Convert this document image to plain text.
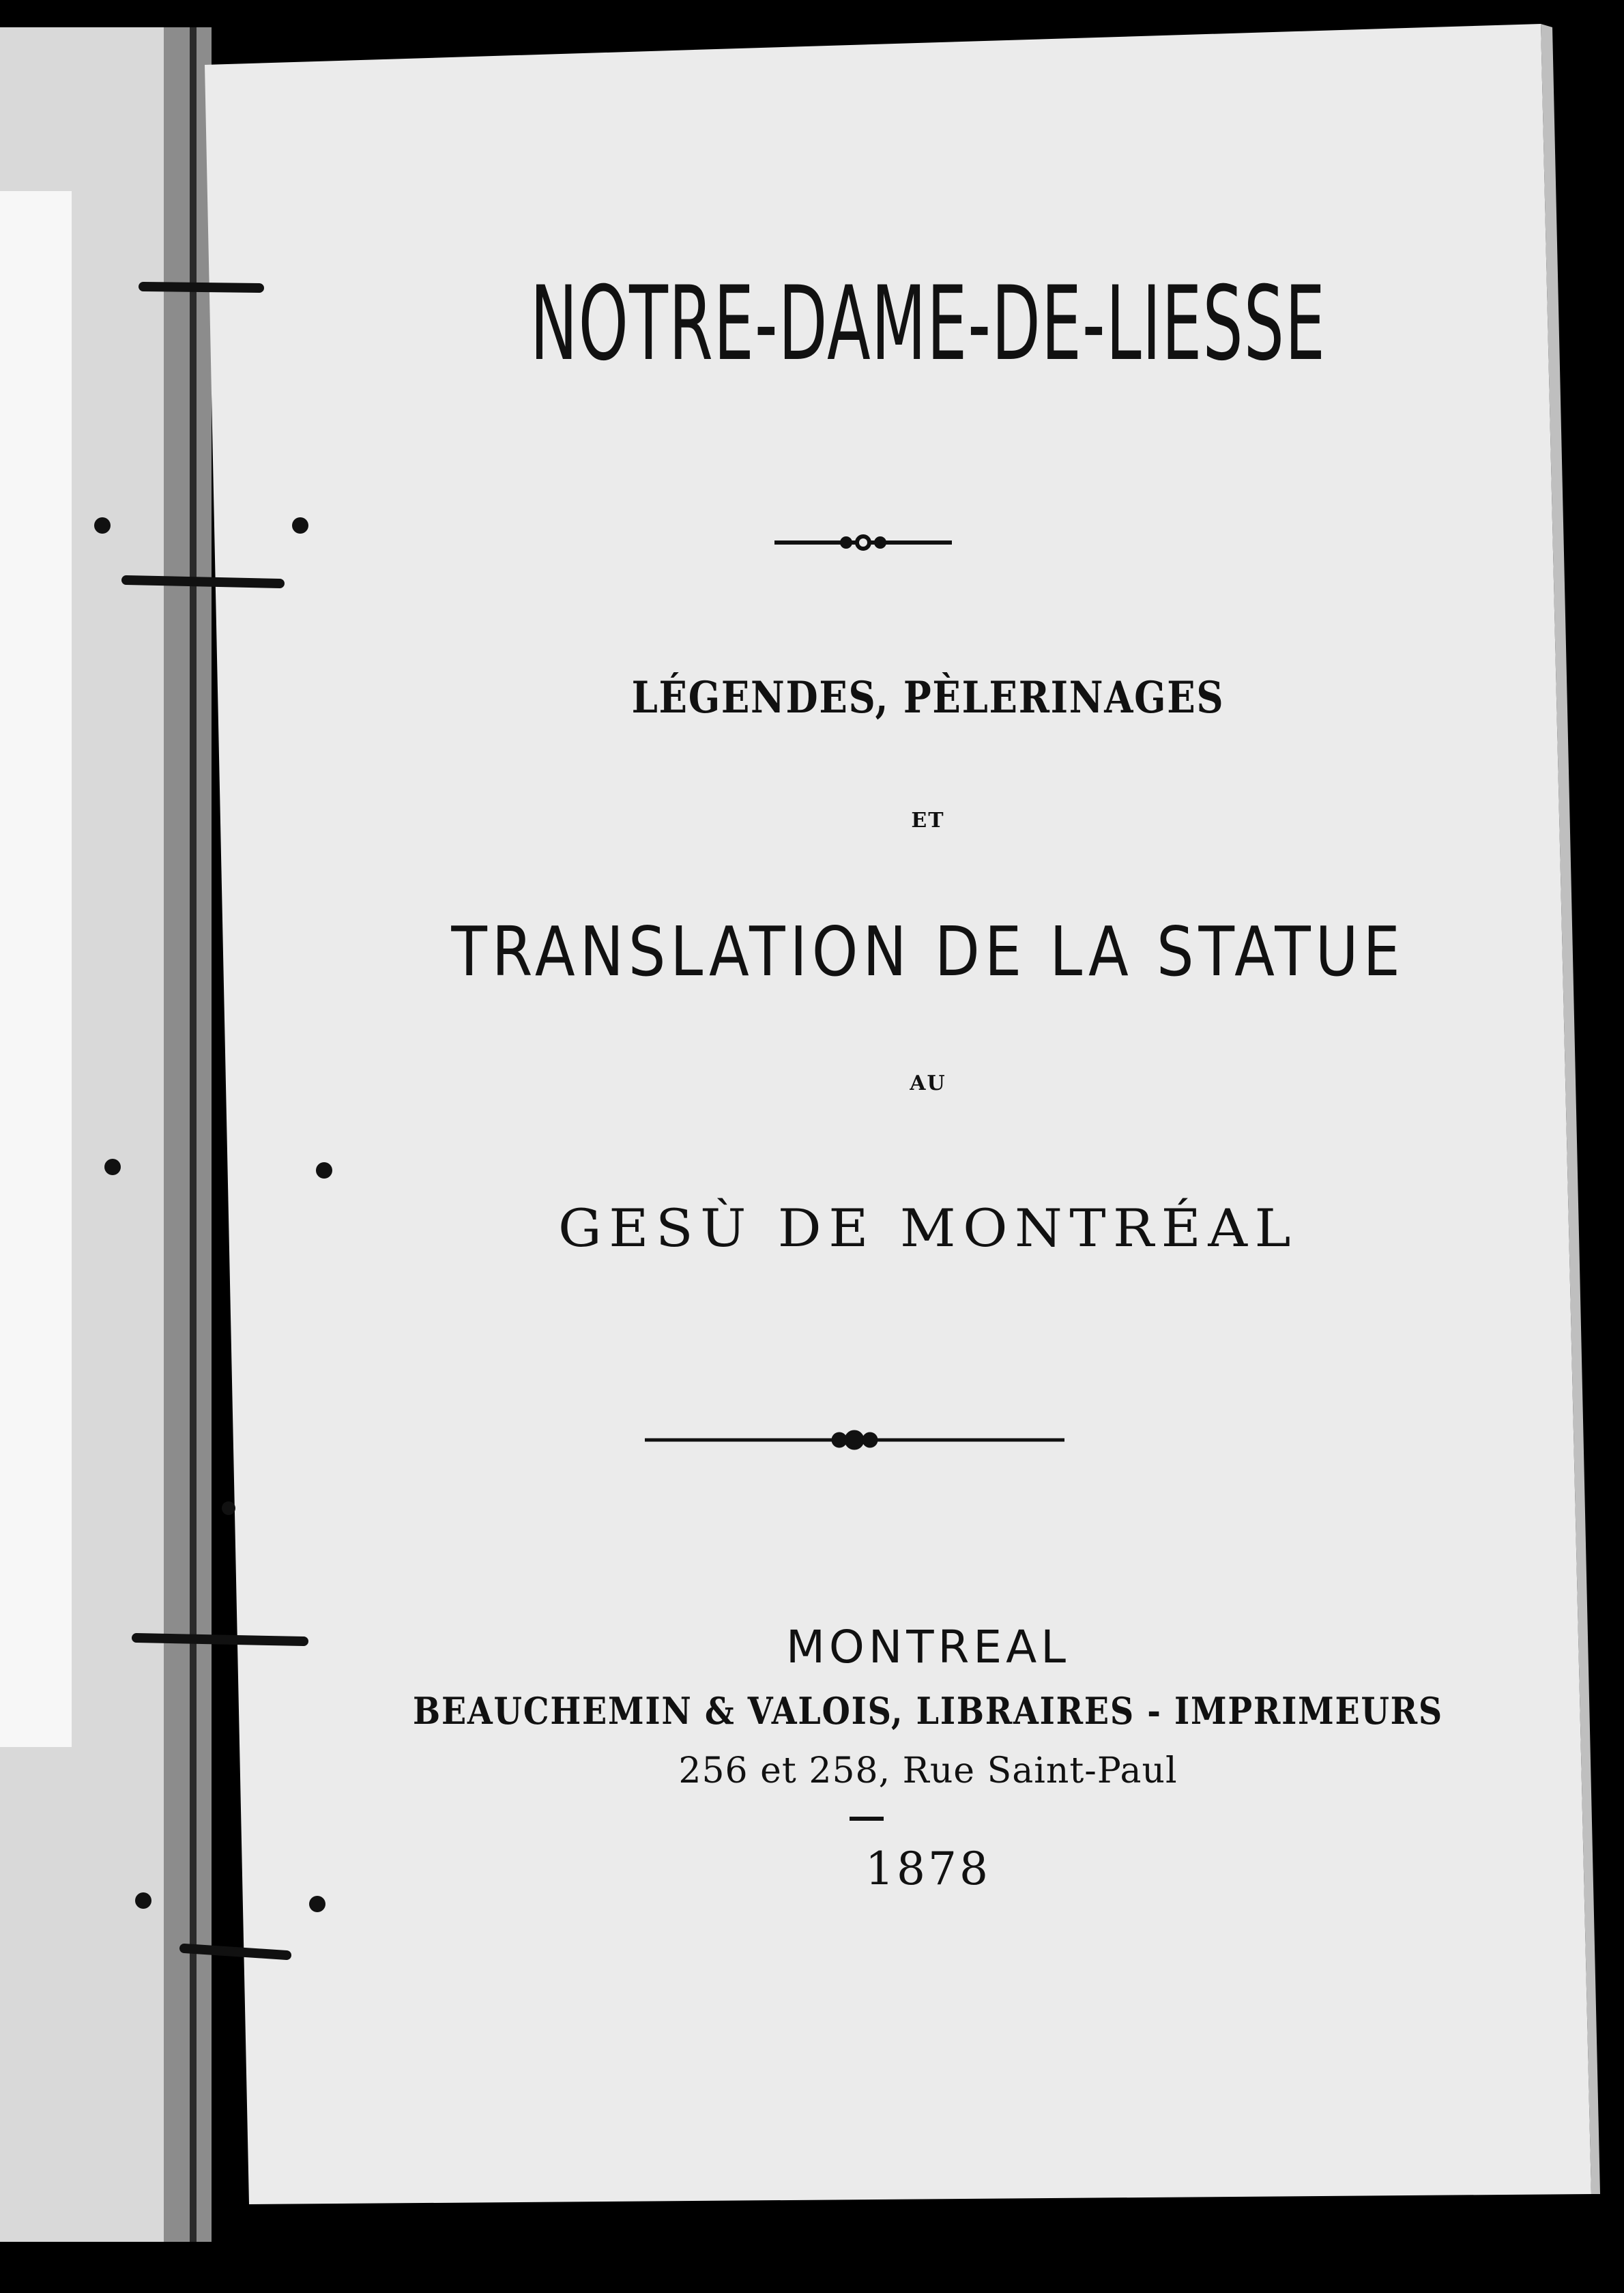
NOTRE-DAME-DE-LIESSE
LÉGENDES, PÈLERINAGES
ET
TRANSLATION DE LA STATUE
AU
GESÙ DE MONTRÉAL
MONTREAL
BEAUCHEMIN & VALOIS, LIBRAIRES - IMPRIMEURS
256 et 258, Rue Saint-Paul
1878
